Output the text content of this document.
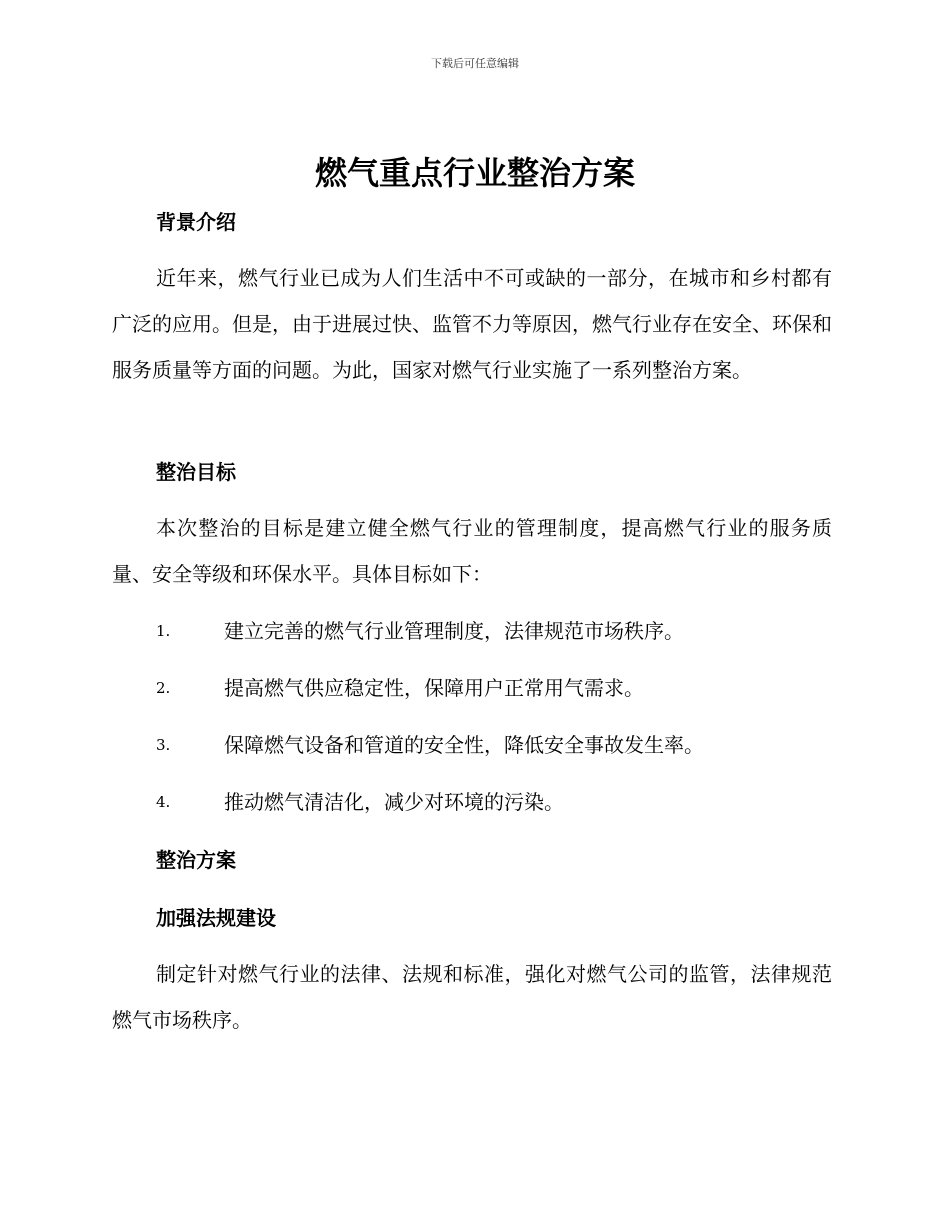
下载后可任意编辑
燃气重点行业整治方案
背景介绍

近年来，燃气行业已成为人们生活中不可或缺的一部分，在城市和乡村都有广泛的应用。但是，由于进展过快、监管不力等原因，燃气行业存在安全、环保和服务质量等方面的问题。为此，国家对燃气行业实施了一系列整治方案。

整治目标

本次整治的目标是建立健全燃气行业的管理制度，提高燃气行业的服务质量、安全等级和环保水平。具体目标如下：

1.	建立完善的燃气行业管理制度，法律规范市场秩序。
2.	提高燃气供应稳定性，保障用户正常用气需求。
3.	保障燃气设备和管道的安全性，降低安全事故发生率。
4.	推动燃气清洁化，减少对环境的污染。
整治方案
加强法规建设

制定针对燃气行业的法律、法规和标准，强化对燃气公司的监管，法律规范燃气市场秩序。
